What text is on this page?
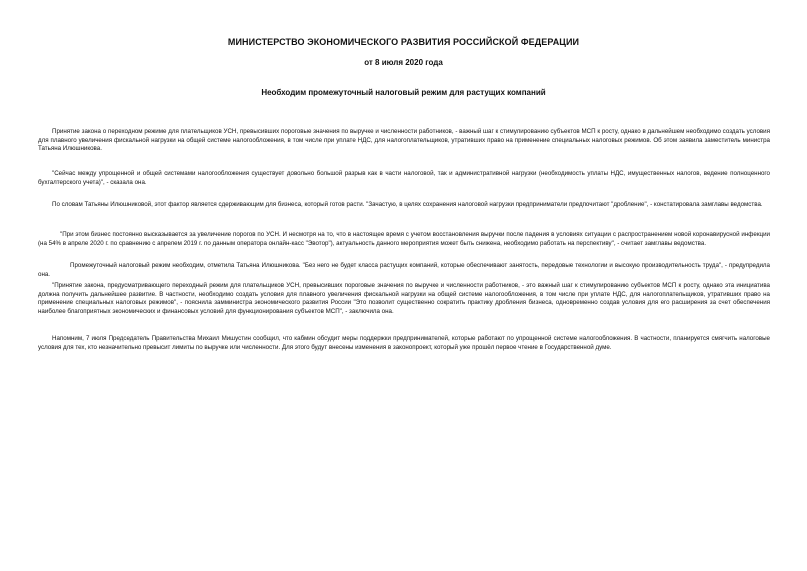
МИНИСТЕРСТВО ЭКОНОМИЧЕСКОГО РАЗВИТИЯ РОССИЙСКОЙ ФЕДЕРАЦИИ
от 8 июля 2020 года
Необходим промежуточный налоговый режим для растущих компаний

Принятие закона о переходном режиме для плательщиков УСН, превысивших пороговые значения по выручке и численности работников, - важный шаг к стимулированию субъектов МСП к росту, однако в дальнейшем необходимо создать условия для плавного увеличения фискальной нагрузки на общей системе налогообложения, в том числе при уплате НДС, для налогоплательщиков, утративших право на применение специальных налоговых режимов. Об этом заявила заместитель министра Татьяна Илюшникова.

"Сейчас между упрощенной и общей системами налогообложения существует довольно большой разрыв как в части налоговой, так и административной нагрузки (необходимость уплаты НДС, имущественных налогов, ведение полноценного бухгалтерского учета)", - сказала она.

По словам Татьяны Илюшниковой, этот фактор является сдерживающим для бизнеса, который готов расти. "Зачастую, в целях сохранения налоговой нагрузки предприниматели предпочитают "дробление", - констатировала замглавы ведомства.

"При этом бизнес постоянно высказывается за увеличение порогов по УСН. И несмотря на то, что в настоящее время с учетом восстановления выручки после падения в условиях ситуации с распространением новой коронавирусной инфекции (на 54% в апреле 2020 г. по сравнению с апрелем 2019 г. по данным оператора онлайн-касс "Эвотор"), актуальность данного мероприятия может быть снижена, необходимо работать на перспективу", - считает замглавы ведомства.

Промежуточный налоговый режим необходим, отметила Татьяна Илюшникова. "Без него не будет класса растущих компаний, которые обеспечивают занятость, передовые технологии и высокую производительность труда", - предупредила она.

"Принятие закона, предусматривающего переходный режим для плательщиков УСН, превысивших пороговые значения по выручке и численности работников, - это важный шаг к стимулированию субъектов МСП к росту, однако эта инициатива должна получить дальнейшее развитие. В частности, необходимо создать условия для плавного увеличения фискальной нагрузки на общей системе налогообложения, в том числе при уплате НДС, для налогоплательщиков, утративших право на применение специальных налоговых режимов", - пояснила замминистра экономического развития России "Это позволит существенно сократить практику дробления бизнеса, одновременно создав условия для его расширения за счет обеспечения наиболее благоприятных экономических и финансовых условий для функционирования субъектов МСП", - заключила она.

Напомним, 7 июля Председатель Правительства Михаил Мишустин сообщил, что кабмин обсудит меры поддержки предпринимателей, которые работают по упрощенной системе налогообложения. В частности, планируется смягчить налоговые условия для тех, кто незначительно превысит лимиты по выручке или численности. Для этого будут внесены изменения в законопроект, который уже прошёл первое чтение в Государственной думе.
